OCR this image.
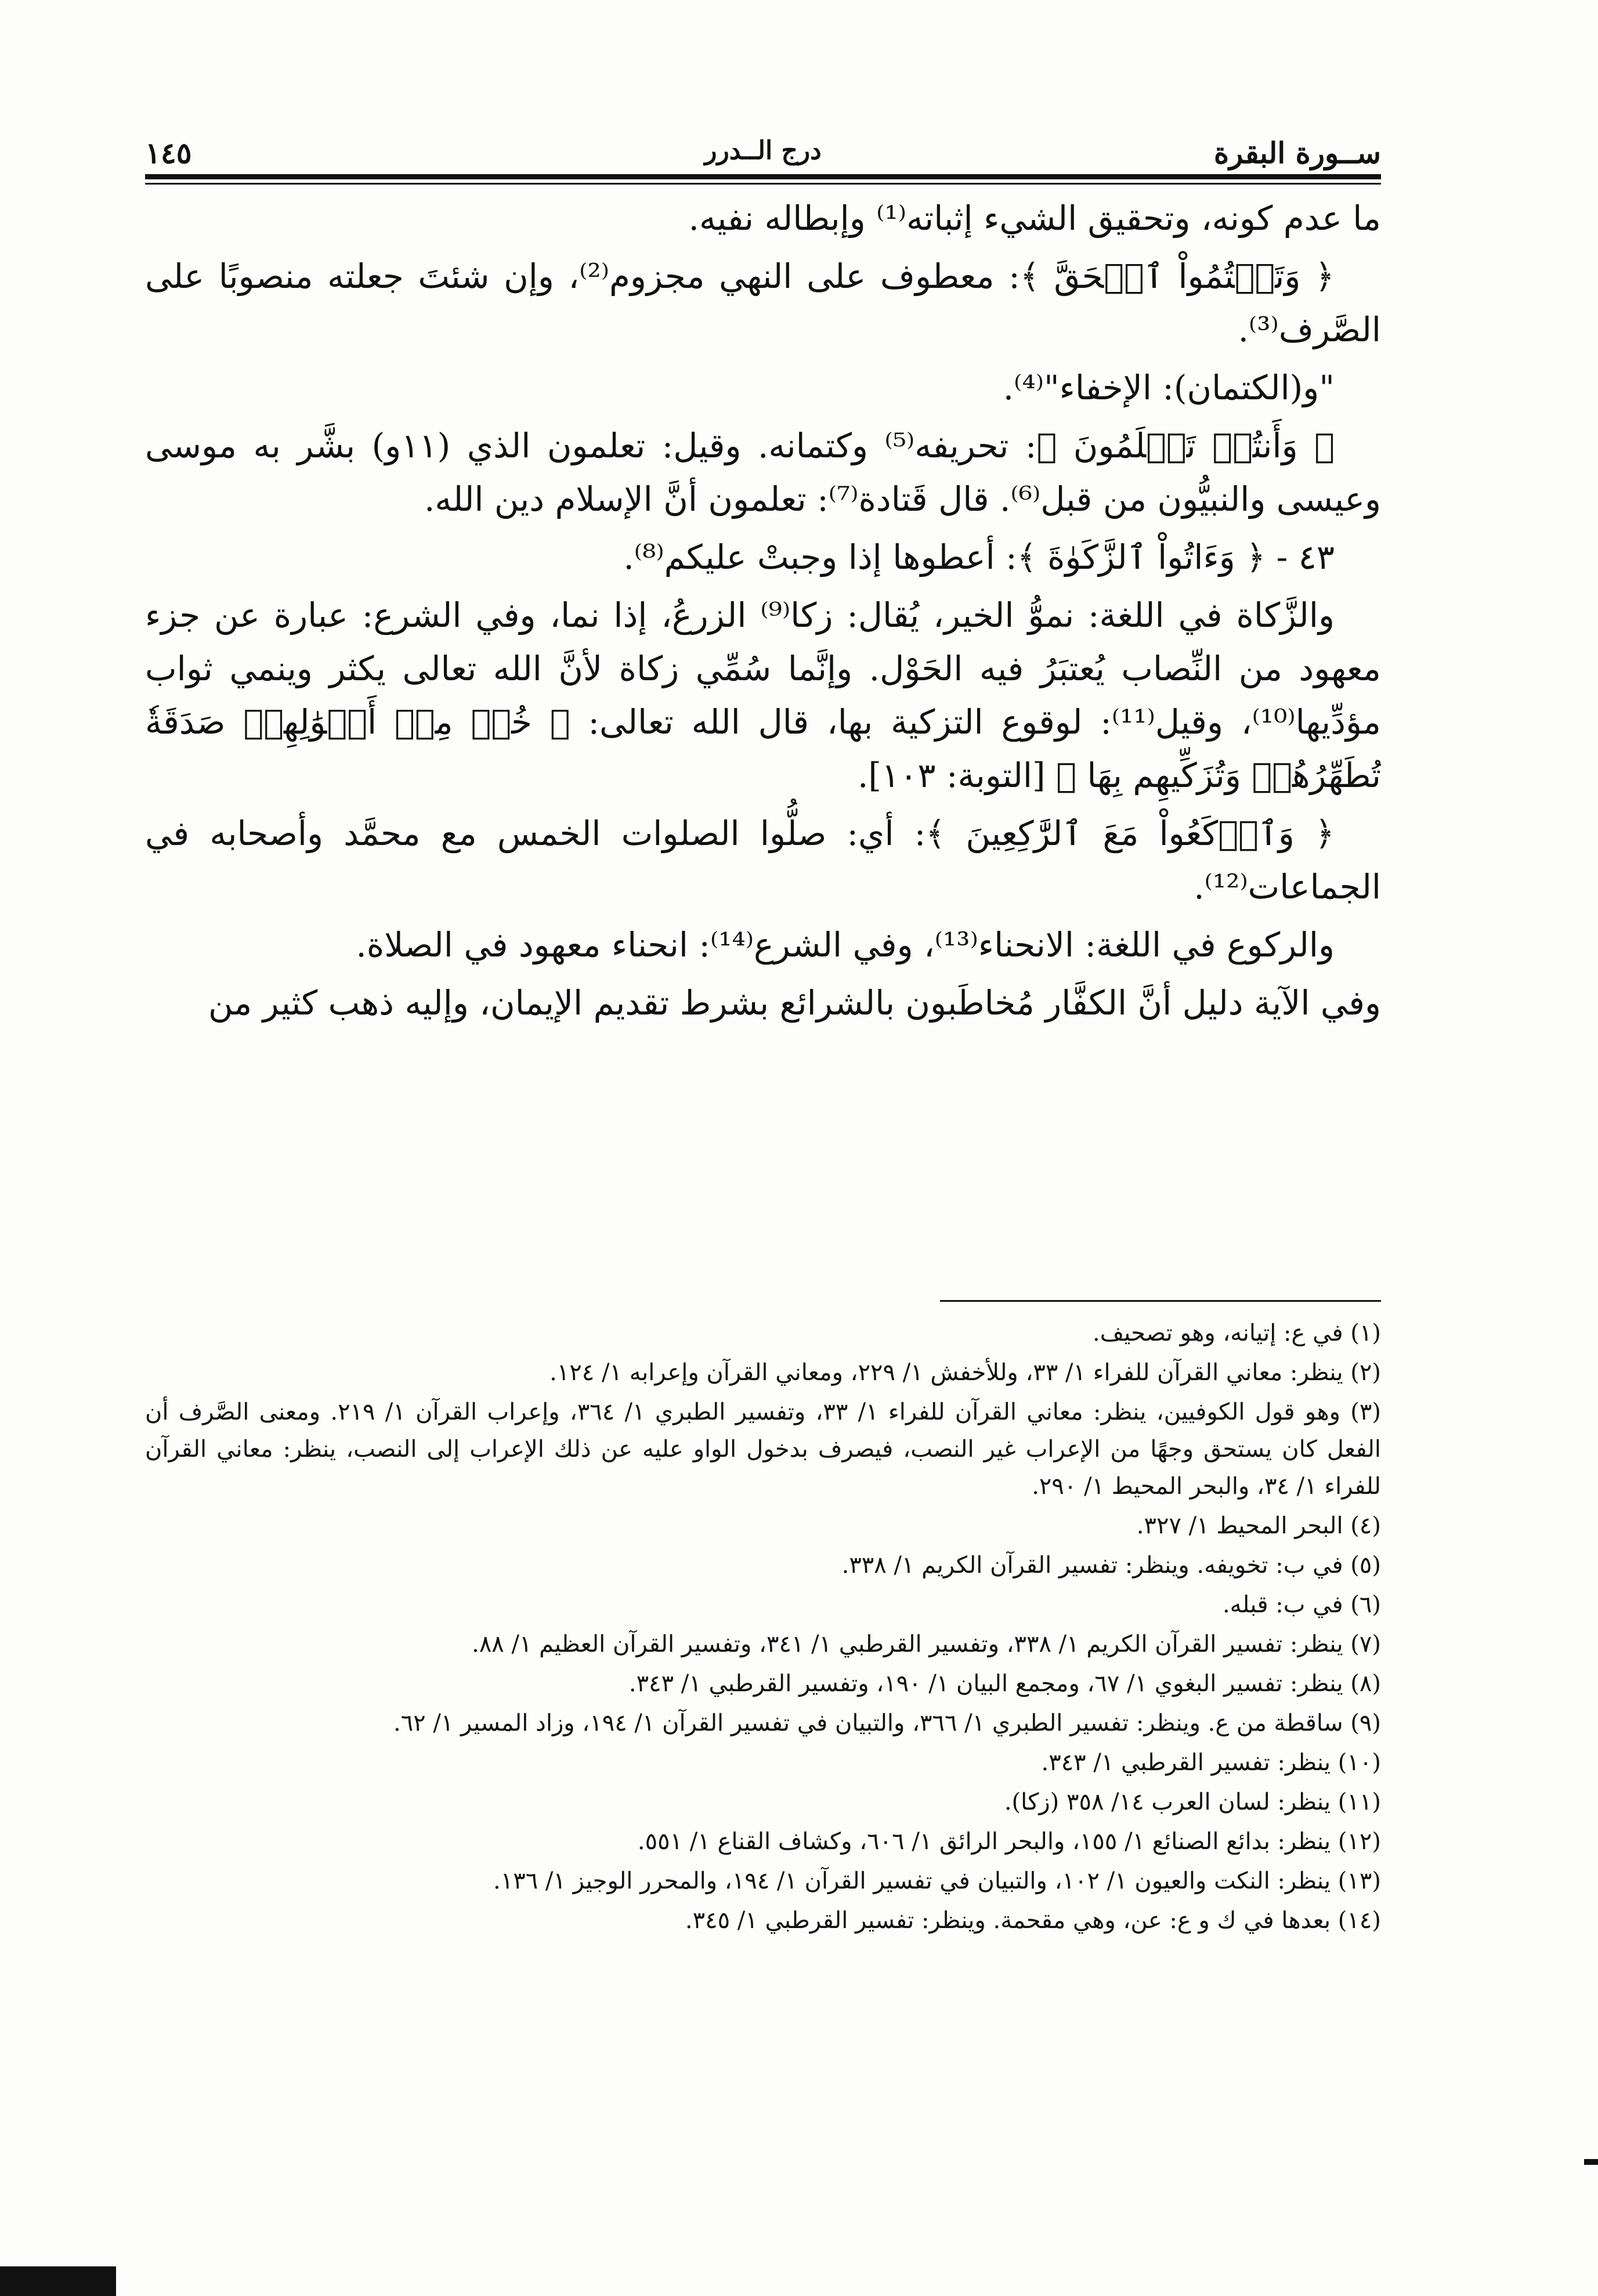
ســورة البقرة
درج الــدرر
١٤٥

ما عدم كونه، وتحقيق الشيء إثباته⁽¹⁾ وإبطاله نفيه.

﴿ وَتَكۡتُمُواْ ٱلۡحَقَّ ﴾: معطوف على النهي مجزوم⁽²⁾، وإن شئتَ جعلته منصوبًا على الصَّرف⁽³⁾.

"و(الكتمان): الإخفاء"⁽⁴⁾.

﴿ وَأَنتُمۡ تَعۡلَمُونَ ﴾: تحريفه⁽⁵⁾ وكتمانه. وقيل: تعلمون الذي (١١و) بشَّر به موسى وعيسى والنبيُّون من قبل⁽⁶⁾. قال قَتادة⁽⁷⁾: تعلمون أنَّ الإسلام دين الله.

٤٣ - ﴿ وَءَاتُواْ ٱلزَّكَوٰةَ ﴾: أعطوها إذا وجبتْ عليكم⁽⁸⁾.

والزَّكاة في اللغة: نموُّ الخير، يُقال: زكا⁽⁹⁾ الزرعُ، إذا نما، وفي الشرع: عبارة عن جزء معهود من النِّصاب يُعتبَرُ فيه الحَوْل. وإنَّما سُمِّي زكاة لأنَّ الله تعالى يكثر وينمي ثواب مؤدِّيها⁽¹⁰⁾، وقيل⁽¹¹⁾: لوقوع التزكية بها، قال الله تعالى: ﴿ خُذۡ مِنۡ أَمۡوَٰلِهِمۡ صَدَقَةٗ تُطَهِّرُهُمۡ وَتُزَكِّيهِم بِهَا ﴾ [التوبة: ١٠٣].

﴿ وَٱرۡكَعُواْ مَعَ ٱلرَّٰكِعِينَ ﴾: أي: صلُّوا الصلوات الخمس مع محمَّد وأصحابه في الجماعات⁽¹²⁾.

والركوع في اللغة: الانحناء⁽¹³⁾، وفي الشرع⁽¹⁴⁾: انحناء معهود في الصلاة.

وفي الآية دليل أنَّ الكفَّار مُخاطَبون بالشرائع بشرط تقديم الإيمان، وإليه ذهب كثير من

(١) في ع: إتيانه، وهو تصحيف.

(٢) ينظر: معاني القرآن للفراء ١/ ٣٣، وللأخفش ١/ ٢٢٩، ومعاني القرآن وإعرابه ١/ ١٢٤.

(٣) وهو قول الكوفيين، ينظر: معاني القرآن للفراء ١/ ٣٣، وتفسير الطبري ١/ ٣٦٤، وإعراب القرآن ١/ ٢١٩. ومعنى الصَّرف أن الفعل كان يستحق وجهًا من الإعراب غير النصب، فيصرف بدخول الواو عليه عن ذلك الإعراب إلى النصب، ينظر: معاني القرآن للفراء ١/ ٣٤، والبحر المحيط ١/ ٢٩٠.

(٤) البحر المحيط ١/ ٣٢٧.

(٥) في ب: تخويفه. وينظر: تفسير القرآن الكريم ١/ ٣٣٨.

(٦) في ب: قبله.

(٧) ينظر: تفسير القرآن الكريم ١/ ٣٣٨، وتفسير القرطبي ١/ ٣٤١، وتفسير القرآن العظيم ١/ ٨٨.

(٨) ينظر: تفسير البغوي ١/ ٦٧، ومجمع البيان ١/ ١٩٠، وتفسير القرطبي ١/ ٣٤٣.

(٩) ساقطة من ع. وينظر: تفسير الطبري ١/ ٣٦٦، والتبيان في تفسير القرآن ١/ ١٩٤، وزاد المسير ١/ ٦٢.

(١٠) ينظر: تفسير القرطبي ١/ ٣٤٣.

(١١) ينظر: لسان العرب ١٤/ ٣٥٨ (زكا).

(١٢) ينظر: بدائع الصنائع ١/ ١٥٥، والبحر الرائق ١/ ٦٠٦، وكشاف القناع ١/ ٥٥١.

(١٣) ينظر: النكت والعيون ١/ ١٠٢، والتبيان في تفسير القرآن ١/ ١٩٤، والمحرر الوجيز ١/ ١٣٦.

(١٤) بعدها في ك و ع: عن، وهي مقحمة. وينظر: تفسير القرطبي ١/ ٣٤٥.
